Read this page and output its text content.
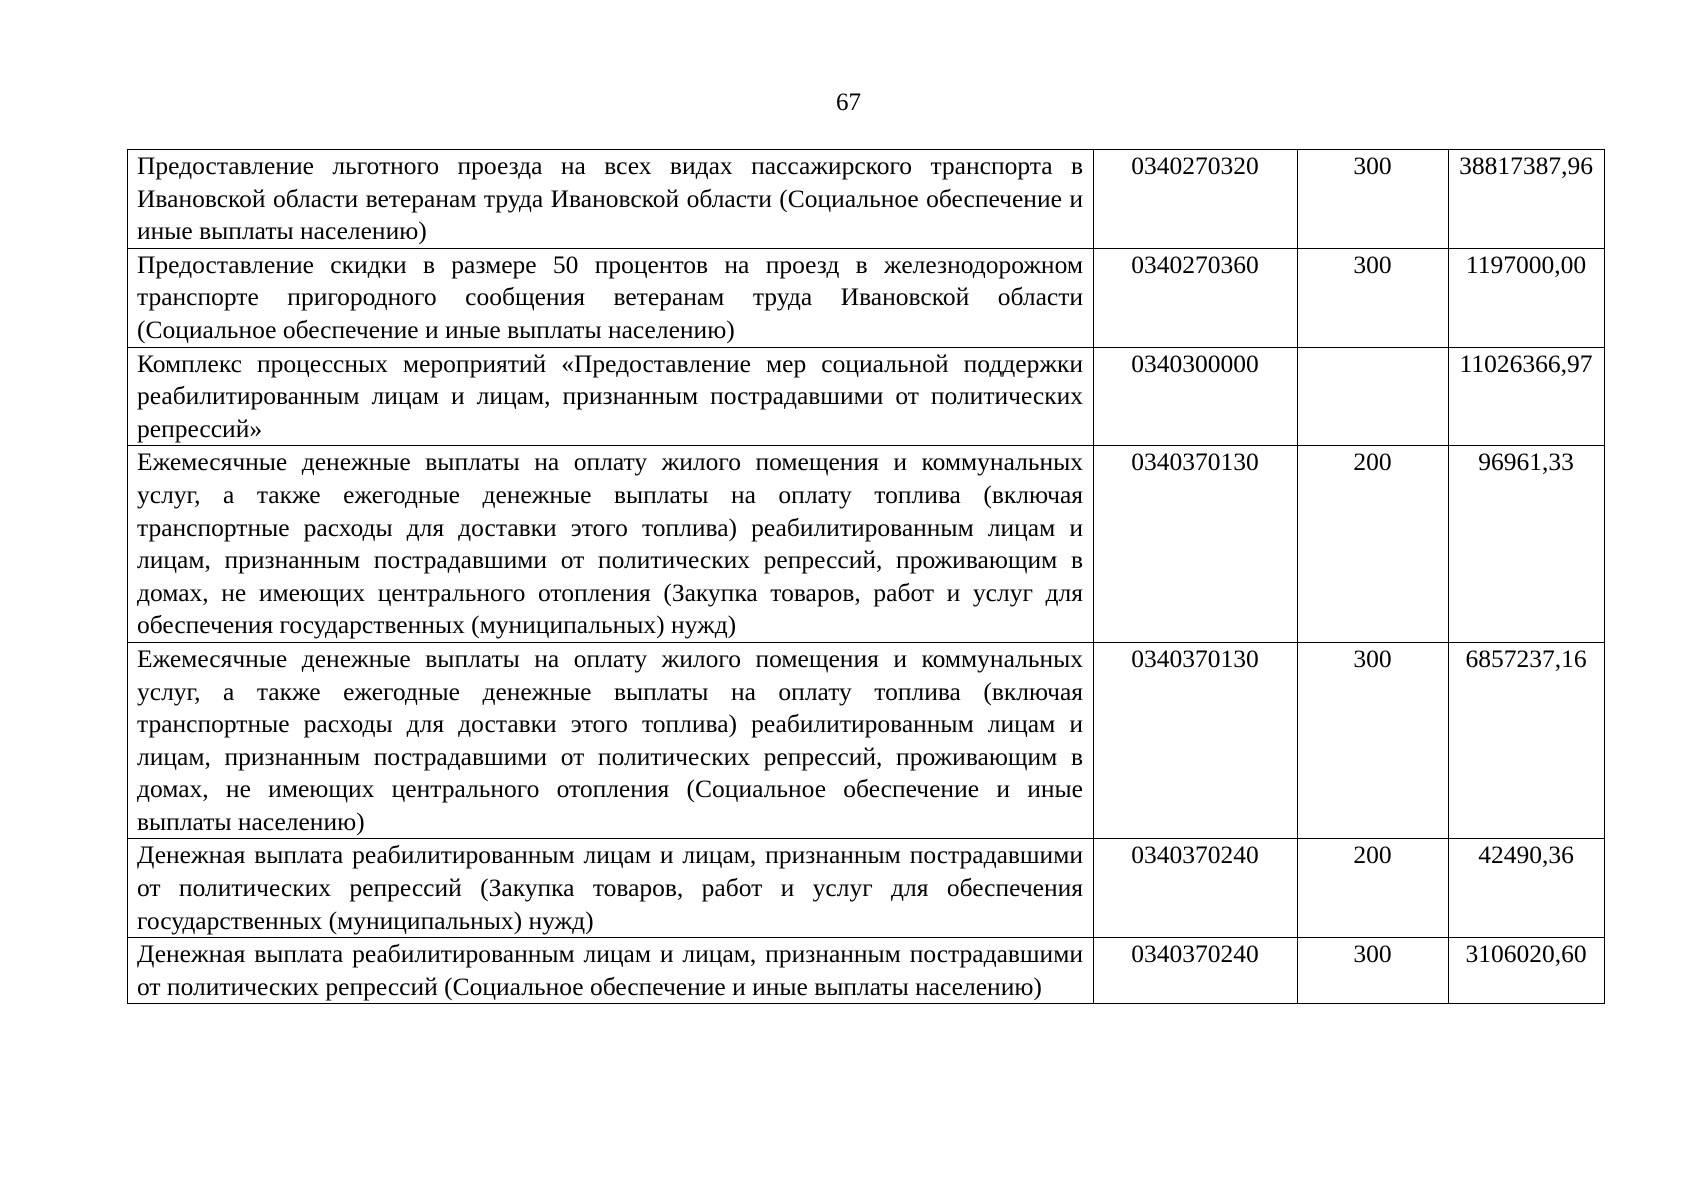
67
Предоставление льготного проезда на всех видах пассажирского транспорта в Ивановской области ветеранам труда Ивановской области (Социальное обеспечение и иные выплаты населению)	0340270320	300	38817387,96
Предоставление скидки в размере 50 процентов на проезд в железнодорожном транспорте пригородного сообщения ветеранам труда Ивановской области (Социальное обеспечение и иные выплаты населению)	0340270360	300	1197000,00
Комплекс процессных мероприятий «Предоставление мер социальной поддержки реабилитированным лицам и лицам, признанным пострадавшими от политических репрессий»	0340300000		11026366,97
Ежемесячные денежные выплаты на оплату жилого помещения и коммунальных услуг, а также ежегодные денежные выплаты на оплату топлива (включая транспортные расходы для доставки этого топлива) реабилитированным лицам и лицам, признанным пострадавшими от политических репрессий, проживающим в домах, не имеющих центрального отопления (Закупка товаров, работ и услуг для обеспечения государственных (муниципальных) нужд)	0340370130	200	96961,33
Ежемесячные денежные выплаты на оплату жилого помещения и коммунальных услуг, а также ежегодные денежные выплаты на оплату топлива (включая транспортные расходы для доставки этого топлива) реабилитированным лицам и лицам, признанным пострадавшими от политических репрессий, проживающим в домах, не имеющих центрального отопления (Социальное обеспечение и иные выплаты населению)	0340370130	300	6857237,16
Денежная выплата реабилитированным лицам и лицам, признанным пострадавшими от политических репрессий (Закупка товаров, работ и услуг для обеспечения государственных (муниципальных) нужд)	0340370240	200	42490,36
Денежная выплата реабилитированным лицам и лицам, признанным пострадавшими от политических репрессий (Социальное обеспечение и иные выплаты населению)	0340370240	300	3106020,60
